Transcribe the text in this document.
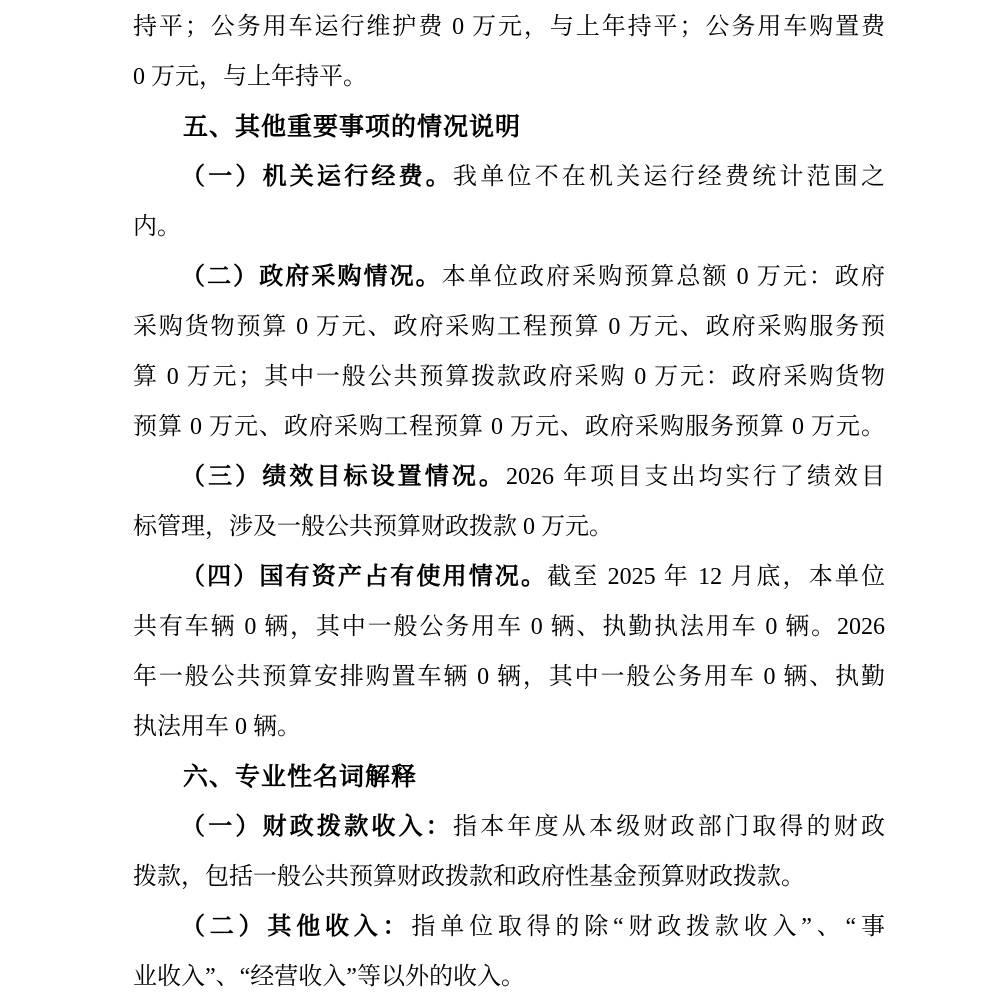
持平；公务用车运行维护费 0 万元，与上年持平；公务用车购置费
0 万元，与上年持平。
五、其他重要事项的情况说明
（一）机关运行经费。我单位不在机关运行经费统计范围之
内。
（二）政府采购情况。本单位政府采购预算总额 0 万元：政府
采购货物预算 0 万元、政府采购工程预算 0 万元、政府采购服务预
算 0 万元；其中一般公共预算拨款政府采购 0 万元：政府采购货物
预算 0 万元、政府采购工程预算 0 万元、政府采购服务预算 0 万元。
（三）绩效目标设置情况。2026 年项目支出均实行了绩效目
标管理，涉及一般公共预算财政拨款 0 万元。
（四）国有资产占有使用情况。截至 2025 年 12 月底，本单位
共有车辆 0 辆，其中一般公务用车 0 辆、执勤执法用车 0 辆。2026
年一般公共预算安排购置车辆 0 辆，其中一般公务用车 0 辆、执勤
执法用车 0 辆。
六、专业性名词解释
（一）财政拨款收入：指本年度从本级财政部门取得的财政
拨款，包括一般公共预算财政拨款和政府性基金预算财政拨款。
（二）其他收入：指单位取得的除“财政拨款收入”、“事
业收入”、“经营收入”等以外的收入。
